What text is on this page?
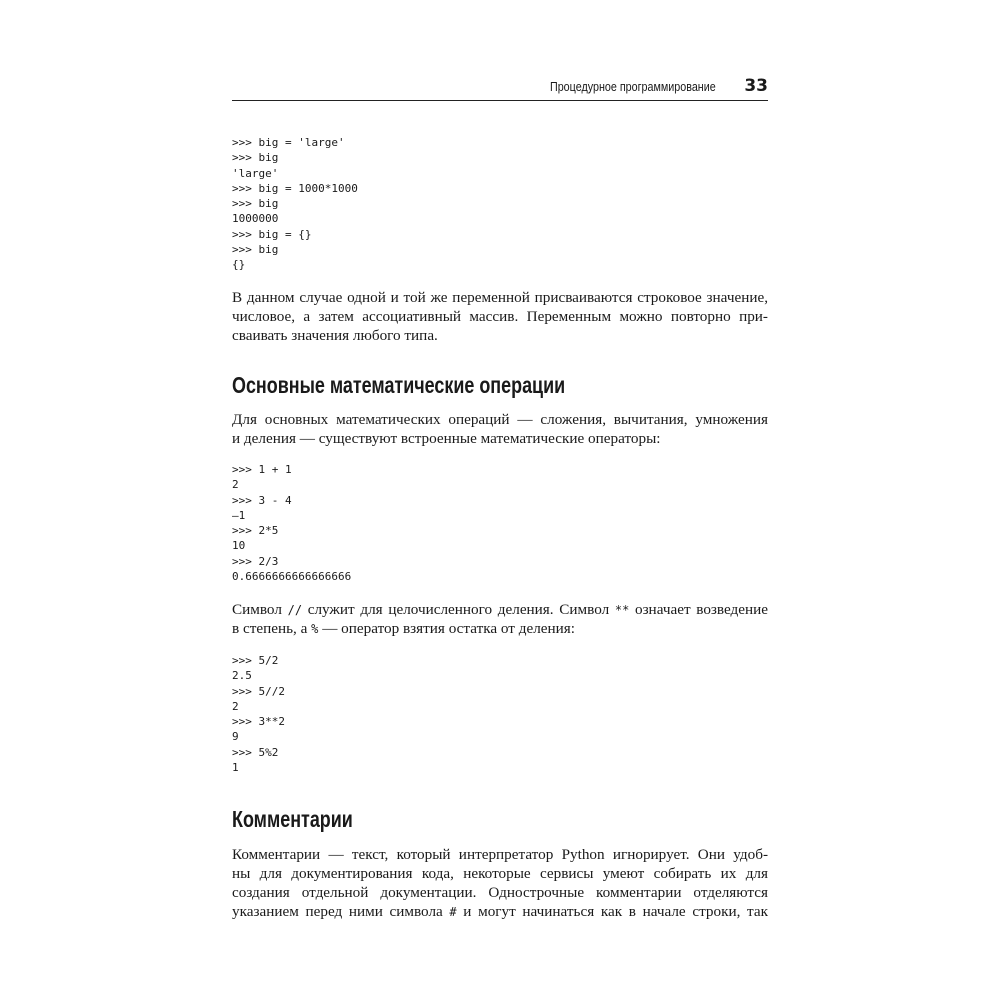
Процедурное программирование 33
>>> big = 'large'
>>> big
'large'
>>> big = 1000*1000
>>> big
1000000
>>> big = {}
>>> big
{}
В данном случае одной и той же переменной присваиваются строковое значение,
числовое, а затем ассоциативный массив. Переменным можно повторно при-
сваивать значения любого типа.
Основные математические операции
Для основных математических операций — сложения, вычитания, умножения
и деления — существуют встроенные математические операторы:
>>> 1 + 1
2
>>> 3 - 4
–1
>>> 2*5
10
>>> 2/3
0.6666666666666666
Символ // служит для целочисленного деления. Символ ** означает возведение
в степень, а % — оператор взятия остатка от деления:
>>> 5/2
2.5
>>> 5//2
2
>>> 3**2
9
>>> 5%2
1
Комментарии
Комментарии — текст, который интерпретатор Python игнорирует. Они удоб-
ны для документирования кода, некоторые сервисы умеют собирать их для
создания отдельной документации. Однострочные комментарии отделяются
указанием перед ними символа # и могут начинаться как в начале строки, так
